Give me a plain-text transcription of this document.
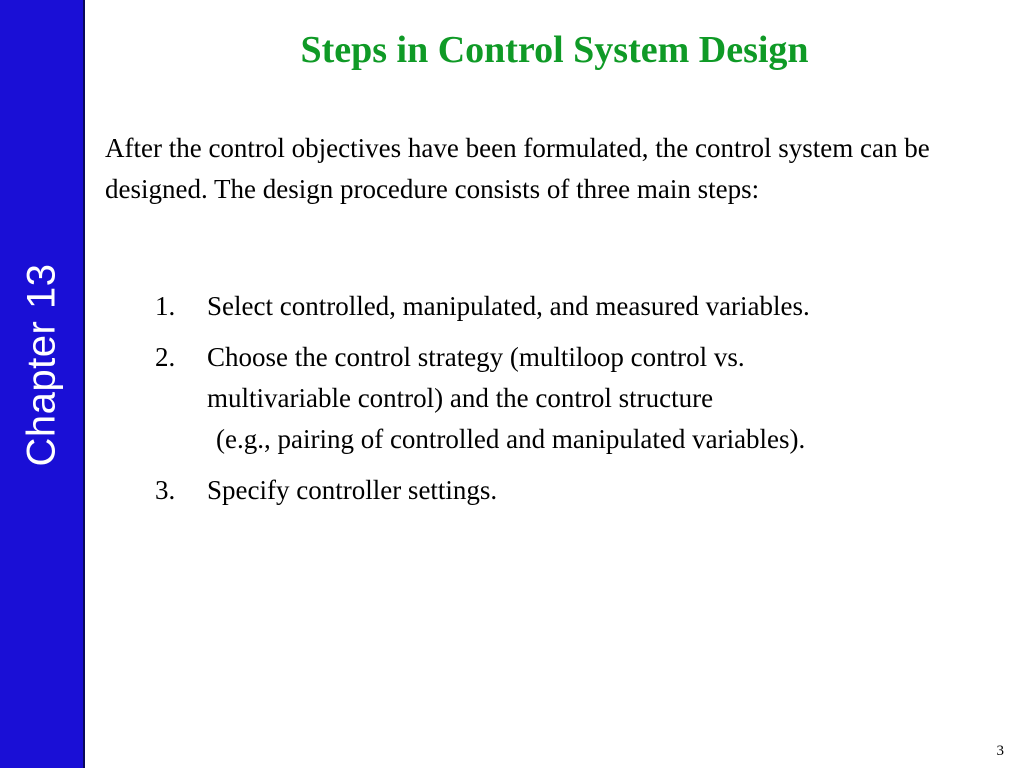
Chapter 13
Steps in Control System Design

After the control objectives have been formulated, the control system can be designed. The design procedure consists of three main steps:

1. Select controlled, manipulated, and measured variables.
2. Choose the control strategy (multiloop control vs.
multivariable control) and the control structure
(e.g., pairing of controlled and manipulated variables).
3. Specify controller settings.
3
